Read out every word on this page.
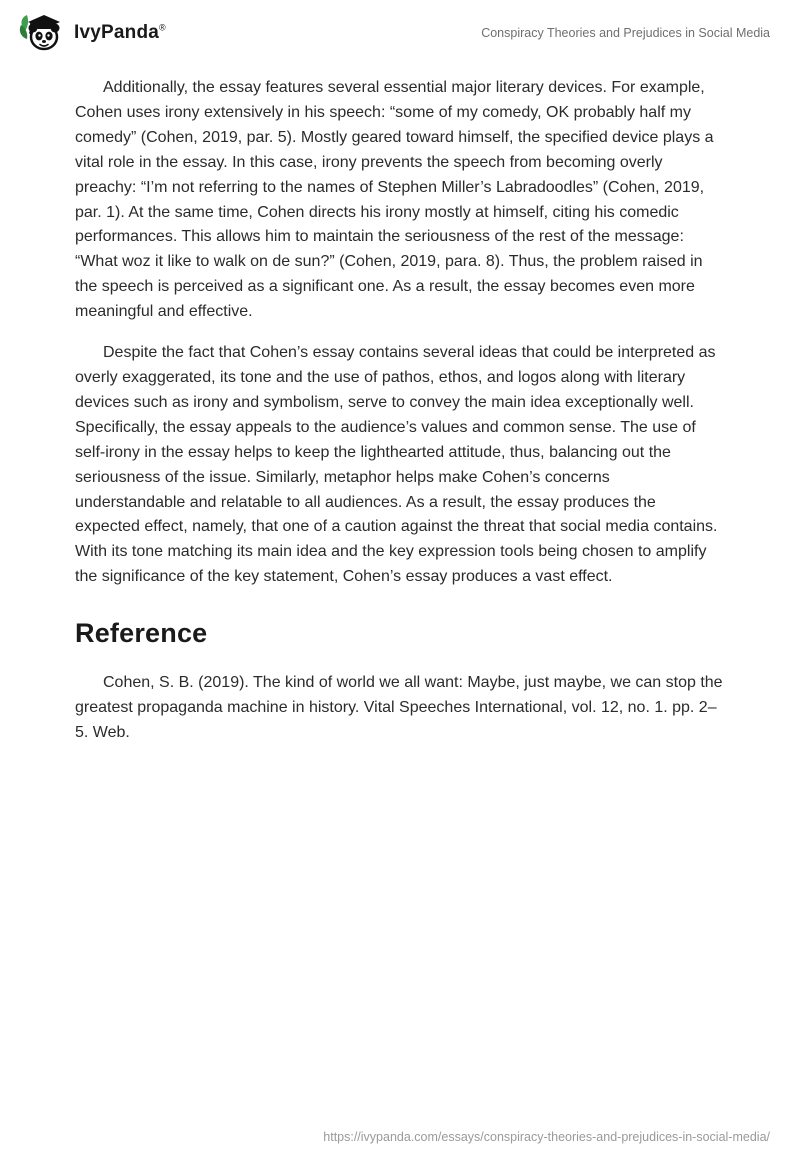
IvyPanda®	Conspiracy Theories and Prejudices in Social Media

Additionally, the essay features several essential major literary devices. For example, Cohen uses irony extensively in his speech: “some of my comedy, OK probably half my comedy” (Cohen, 2019, par. 5). Mostly geared toward himself, the specified device plays a vital role in the essay. In this case, irony prevents the speech from becoming overly preachy: “I’m not referring to the names of Stephen Miller’s Labradoodles” (Cohen, 2019, par. 1). At the same time, Cohen directs his irony mostly at himself, citing his comedic performances. This allows him to maintain the seriousness of the rest of the message: “What woz it like to walk on de sun?” (Cohen, 2019, para. 8). Thus, the problem raised in the speech is perceived as a significant one. As a result, the essay becomes even more meaningful and effective.

Despite the fact that Cohen’s essay contains several ideas that could be interpreted as overly exaggerated, its tone and the use of pathos, ethos, and logos along with literary devices such as irony and symbolism, serve to convey the main idea exceptionally well. Specifically, the essay appeals to the audience’s values and common sense. The use of self-irony in the essay helps to keep the lighthearted attitude, thus, balancing out the seriousness of the issue. Similarly, metaphor helps make Cohen’s concerns understandable and relatable to all audiences. As a result, the essay produces the expected effect, namely, that one of a caution against the threat that social media contains. With its tone matching its main idea and the key expression tools being chosen to amplify the significance of the key statement, Cohen’s essay produces a vast effect.

Reference

Cohen, S. B. (2019). The kind of world we all want: Maybe, just maybe, we can stop the greatest propaganda machine in history. Vital Speeches International, vol. 12, no. 1. pp. 2–5. Web.

https://ivypanda.com/essays/conspiracy-theories-and-prejudices-in-social-media/
